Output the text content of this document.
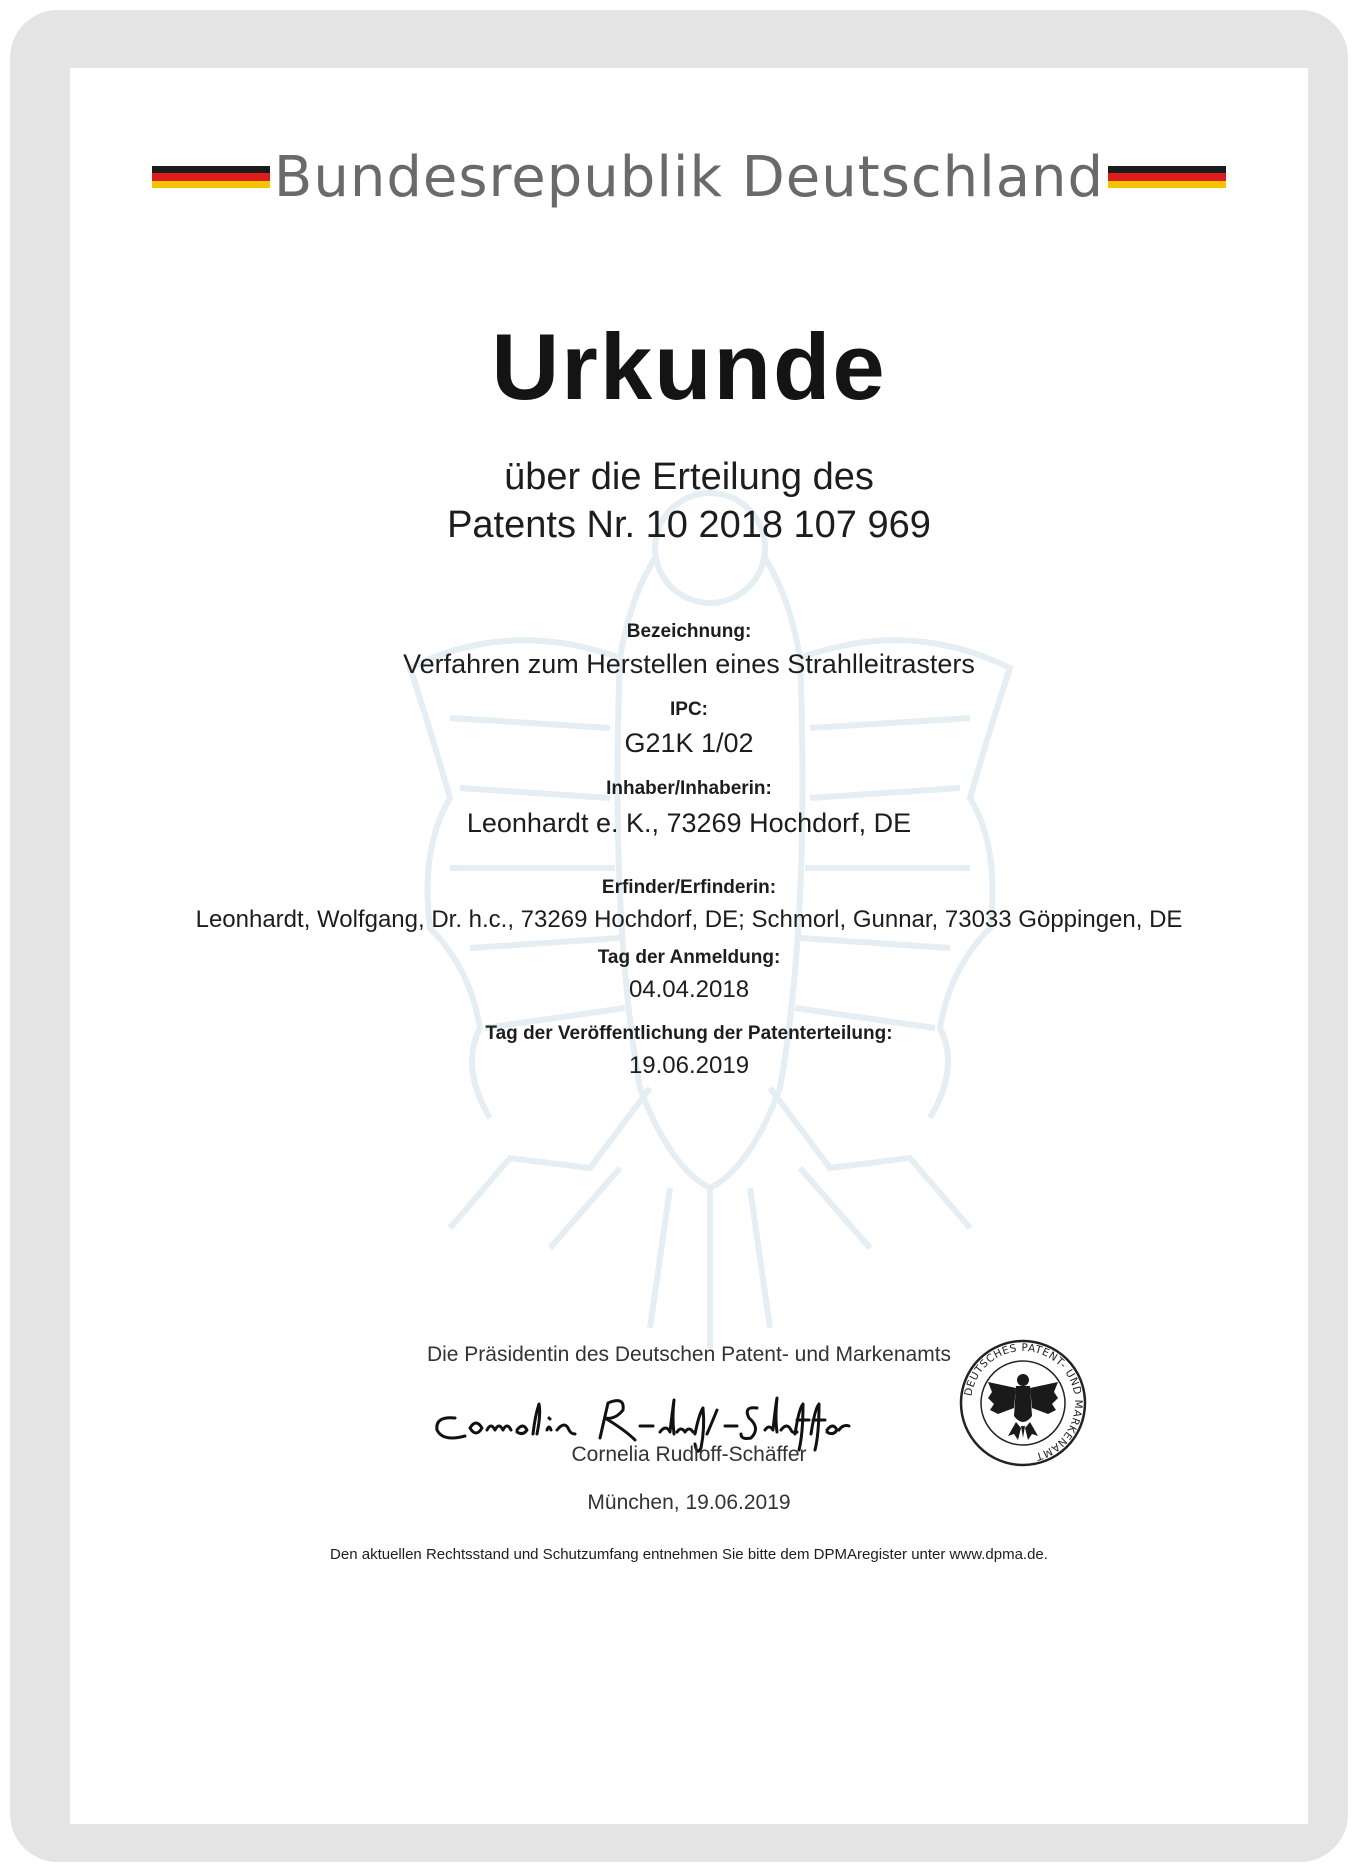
Bundesrepublik Deutschland
Urkunde
über die Erteilung des
Patents Nr. 10 2018 107 969
Bezeichnung:
Verfahren zum Herstellen eines Strahlleitrasters
IPC:
G21K 1/02
Inhaber/Inhaberin:
Leonhardt e. K., 73269 Hochdorf, DE
Erfinder/Erfinderin:
Leonhardt, Wolfgang, Dr. h.c., 73269 Hochdorf, DE; Schmorl, Gunnar, 73033 Göppingen, DE
Tag der Anmeldung:
04.04.2018
Tag der Veröffentlichung der Patenterteilung:
19.06.2019
Die Präsidentin des Deutschen Patent- und Markenamts
Cornelia Rudloff-Schäffer
DEUTSCHES PATENT- UND MARKENAMT
München, 19.06.2019
Den aktuellen Rechtsstand und Schutzumfang entnehmen Sie bitte dem DPMAregister unter www.dpma.de.
